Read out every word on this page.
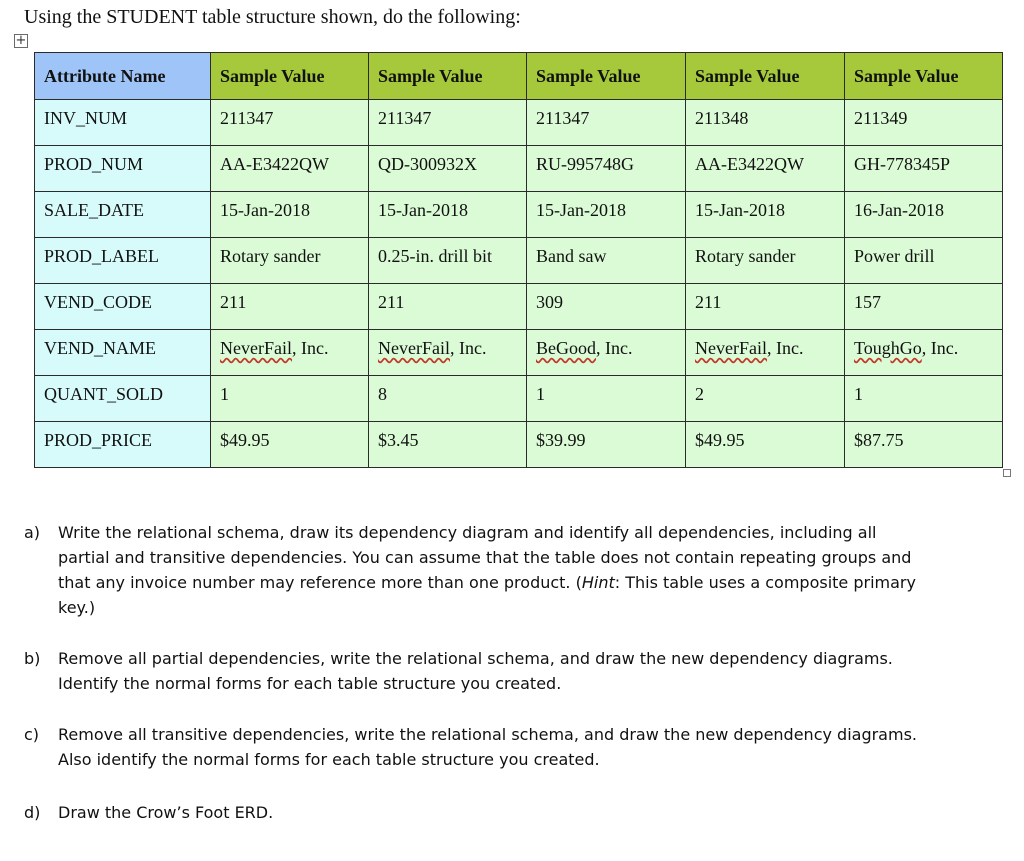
Using the STUDENT table structure shown, do the following:
+
Attribute Name	Sample Value	Sample Value	Sample Value	Sample Value	Sample Value
INV_NUM	211347	211347	211347	211348	211349
PROD_NUM	AA-E3422QW	QD-300932X	RU-995748G	AA-E3422QW	GH-778345P
SALE_DATE	15-Jan-2018	15-Jan-2018	15-Jan-2018	15-Jan-2018	16-Jan-2018
PROD_LABEL	Rotary sander	0.25-in. drill bit	Band saw	Rotary sander	Power drill
VEND_CODE	211	211	309	211	157
VEND_NAME	NeverFail, Inc.	NeverFail, Inc.	BeGood, Inc.	NeverFail, Inc.	ToughGo, Inc.
QUANT_SOLD	1	8	1	2	1
PROD_PRICE	$49.95	$3.45	$39.99	$49.95	$87.75
a)	Write the relational schema, draw its dependency diagram and identify all dependencies, including all partial and transitive dependencies. You can assume that the table does not contain repeating groups and that any invoice number may reference more than one product. (Hint: This table uses a composite primary key.)
b)	Remove all partial dependencies, write the relational schema, and draw the new dependency diagrams. Identify the normal forms for each table structure you created.
c)	Remove all transitive dependencies, write the relational schema, and draw the new dependency diagrams. Also identify the normal forms for each table structure you created.
d)	Draw the Crow’s Foot ERD.
